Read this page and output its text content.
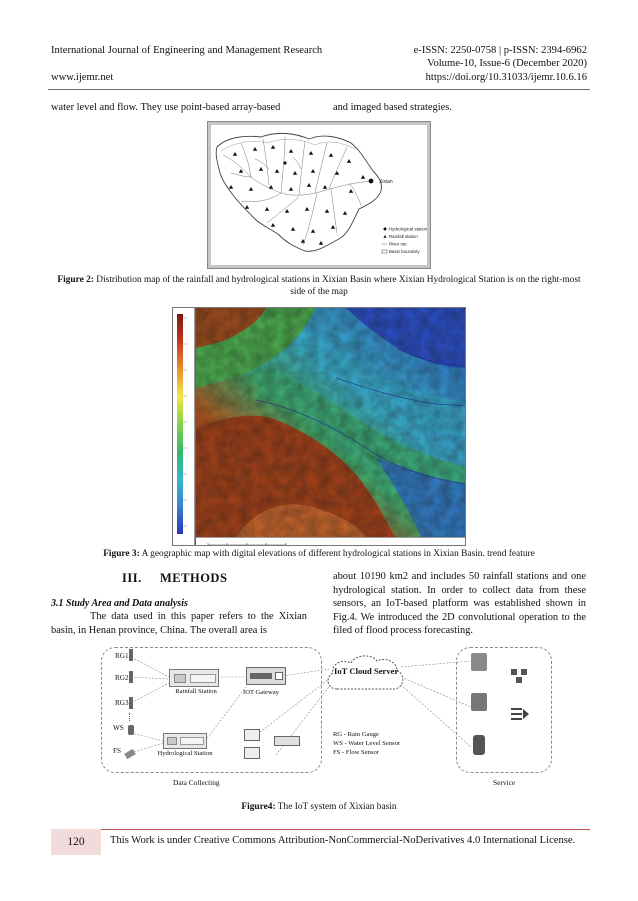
International Journal of Engineering and Management Research	e-ISSN: 2250-0758 | p-ISSN: 2394-6962
Volume-10, Issue-6 (December 2020)
www.ijemr.net	https://doi.org/10.31033/ijemr.10.6.16
water level and flow. They use point-based array-based	and imaged based strategies.
Xixian
Hydrological station
Rainfall station
River net
Basin boundary
Figure 2: Distribution map of the rainfall and hydrological stations in Xixian Basin where Xixian Hydrological Station is on the right-most side of the map
Figure 3: A geographic map with digital elevations of different hydrological stations in Xixian Basin. trend feature
III. METHODS
3.1 Study Area and Data analysis
The data used in this paper refers to the Xixian basin, in Henan province, China. The overall area is
about 10190 km2 and includes 50 rainfall stations and one hydrological station. In order to collect data from these sensors, an IoT-based platform was established shown in Fig.4. We introduced the 2D convolutional operation to the filed of flood process forecasting.
RG1
RG2
RG3
WS
FS
Rainfall Station
Hydrological Station
IOT Gateway
IoT Cloud Server
RG - Rain Gauge
WS - Water Level Sensor
FS - Flow Sensor
Data Collecting	Service
Figure4: The IoT system of Xixian basin
120	This Work is under Creative Commons Attribution-NonCommercial-NoDerivatives 4.0 International License.
